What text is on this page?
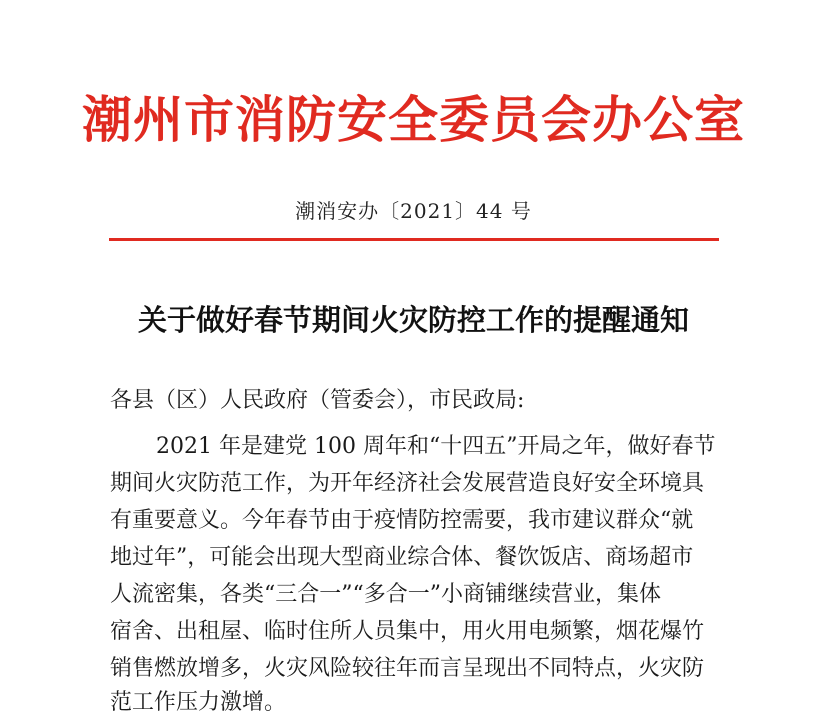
潮州市消防安全委员会办公室
潮消安办〔2021〕44 号
关于做好春节期间火灾防控工作的提醒通知
各县（区）人民政府（管委会），市民政局:
2021 年是建党 100 周年和“十四五”开局之年，做好春节
期间火灾防范工作，为开年经济社会发展营造良好安全环境具
有重要意义。今年春节由于疫情防控需要，我市建议群众“就
地过年”，可能会出现大型商业综合体、餐饮饭店、商场超市
人流密集，各类“三合一”“多合一”小商铺继续营业，集体
宿舍、出租屋、临时住所人员集中，用火用电频繁，烟花爆竹
销售燃放增多，火灾风险较往年而言呈现出不同特点，火灾防
范工作压力激增。
